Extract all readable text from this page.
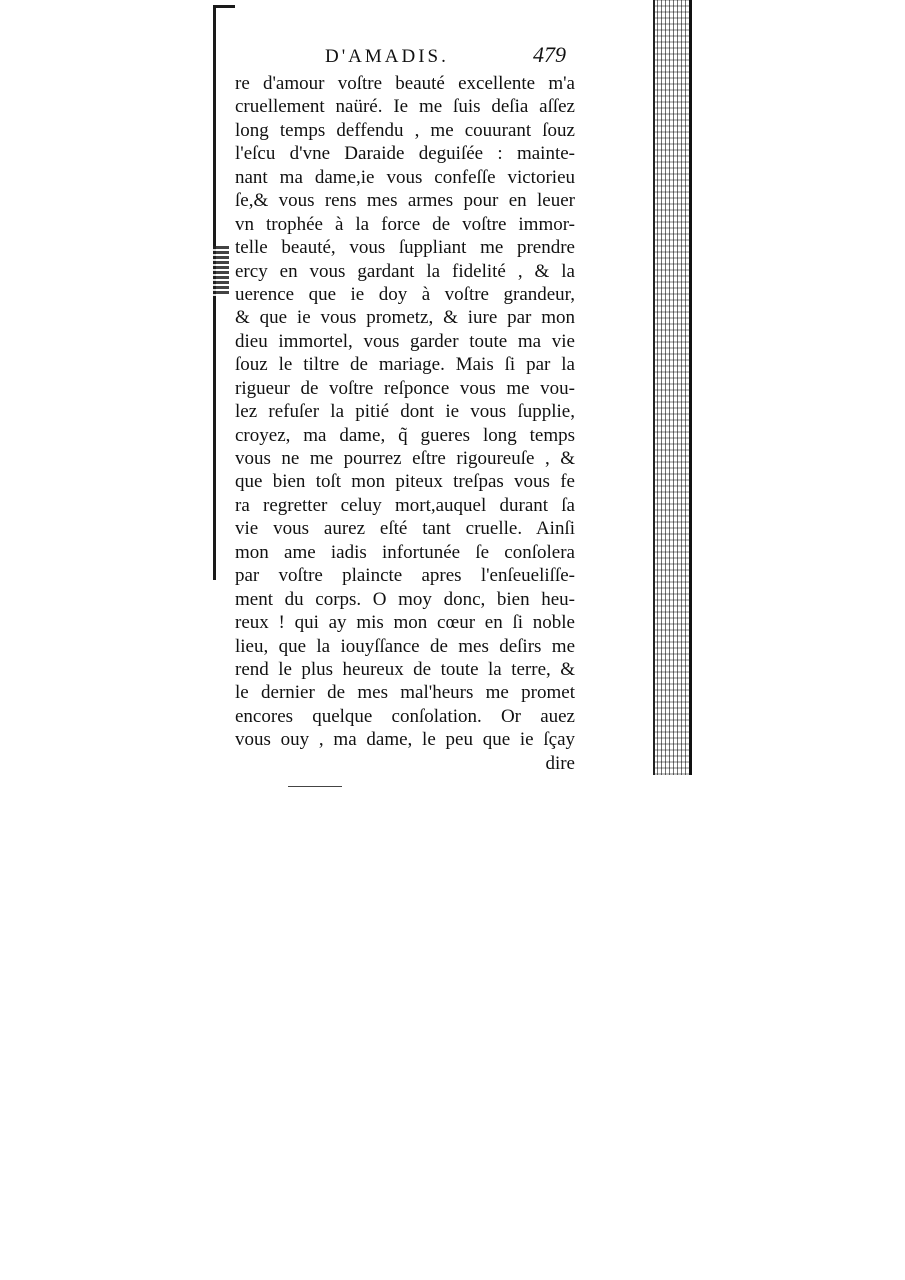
D'AMADIS.	479
re d'amour voſtre beauté excellente m'a
cruellement naüré. Ie me ſuis deſia aſſez
long temps deffendu , me couurant ſouz
l'eſcu d'vne Daraide deguiſée : mainte-
nant ma dame,ie vous confeſſe victorieu
ſe,& vous rens mes armes pour en leuer
vn trophée à la force de voſtre immor-
telle beauté, vous ſuppliant me prendre
ercy en vous gardant la fidelité , & la
uerence que ie doy à voſtre grandeur,
& que ie vous prometz, & iure par mon
dieu immortel, vous garder toute ma vie
ſouz le tiltre de mariage. Mais ſi par la
rigueur de voſtre reſponce vous me vou-
lez refuſer la pitié dont ie vous ſupplie,
croyez, ma dame, q̃ gueres long temps
vous ne me pourrez eſtre rigoureuſe , &
que bien toſt mon piteux treſpas vous fe
ra regretter celuy mort,auquel durant ſa
vie vous aurez eſté tant cruelle. Ainſi
mon ame iadis infortunée ſe conſolera
par voſtre plaincte apres l'enſeueliſſe-
ment du corps. O moy donc, bien heu-
reux ! qui ay mis mon cœur en ſi noble
lieu, que la iouyſſance de mes deſirs me
rend le plus heureux de toute la terre, &
le dernier de mes mal'heurs me promet
encores quelque conſolation. Or auez
vous ouy , ma dame, le peu que ie ſçay
dire
